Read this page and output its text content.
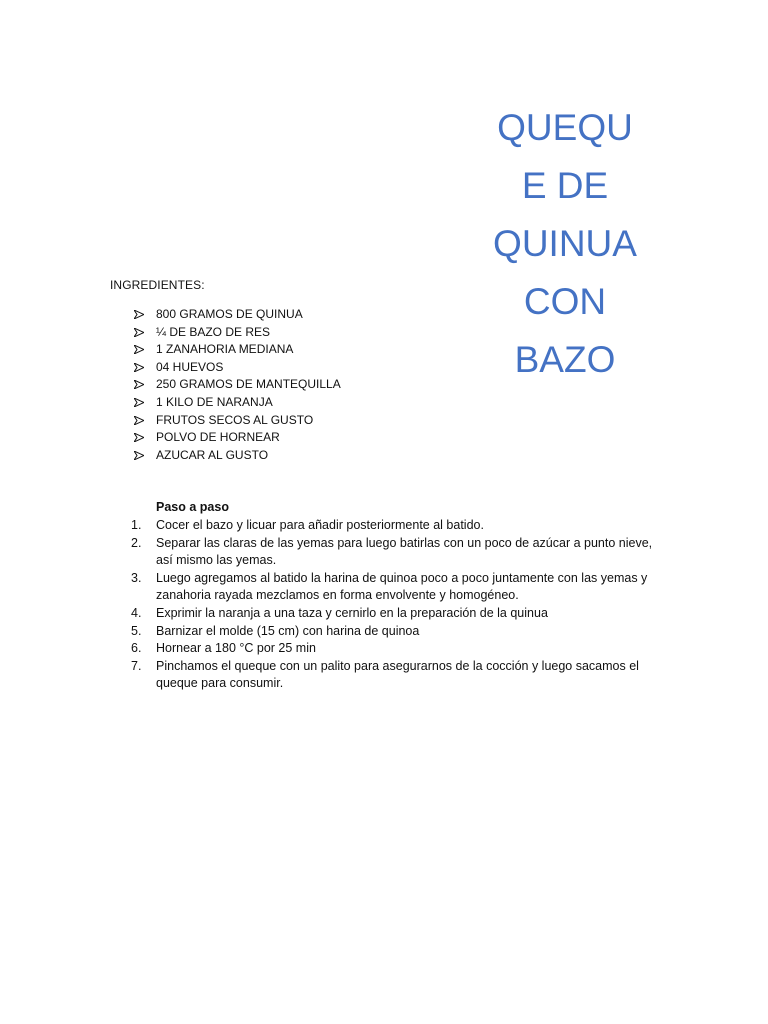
QUEQU
E DE
QUINUA
CON
BAZO
INGREDIENTES:
800 GRAMOS DE QUINUA
¼ DE BAZO DE RES
1 ZANAHORIA MEDIANA
04 HUEVOS
250 GRAMOS DE MANTEQUILLA
1 KILO DE NARANJA
FRUTOS SECOS AL GUSTO
POLVO DE HORNEAR
AZUCAR AL GUSTO
Paso a paso
1.	Cocer el bazo y licuar para añadir posteriormente al batido.
2.	Separar las claras de las yemas para luego batirlas con un poco de azúcar a punto nieve, así mismo las yemas.
3.	Luego agregamos al batido la harina de quinoa poco a poco juntamente con las yemas y zanahoria rayada mezclamos en forma envolvente y homogéneo.
4.	Exprimir la naranja a una taza y cernirlo en la preparación de la quinua
5.	Barnizar el molde (15 cm) con harina de quinoa
6.	Hornear a 180 °C por 25 min
7.	Pinchamos el queque con un palito para asegurarnos de la cocción y luego sacamos el queque para consumir.
